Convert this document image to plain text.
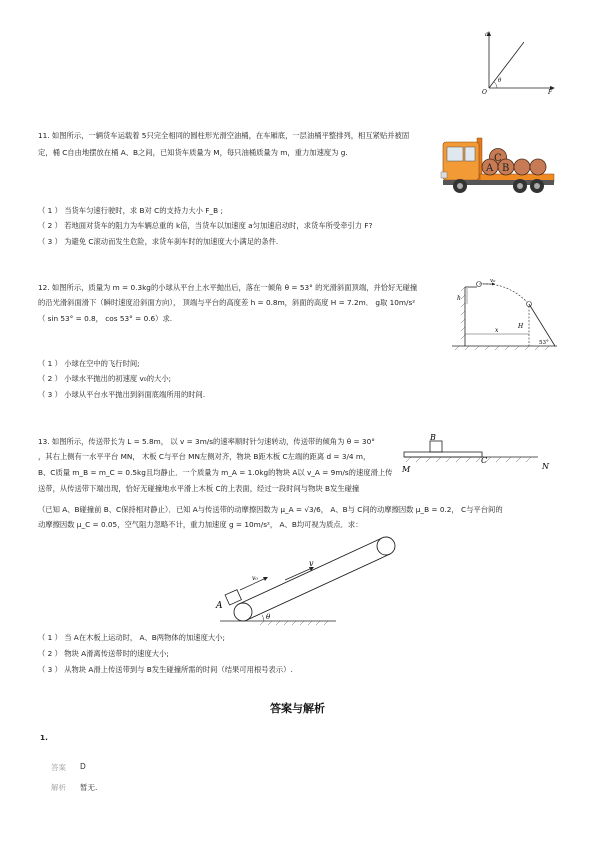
a
F
O
θ
11. 如图所示，一辆货车运载着 5只完全相同的圆柱形光滑空油桶，在车厢底，一层油桶平整排列，相互紧贴并被固
定，桶 C自由地摆放在桶 A、B之间，已知货车质量为 M，每只油桶质量为 m，重力加速度为 g.
C
A B
（ 1 ） 当货车匀速行驶时，求 B对 C的支持力大小 F_B ;
（ 2 ） 若地面对货车的阻力为车辆总重的 k倍，当货车以加速度 a匀加速启动时，求货车所受牵引力 F?
（ 3 ） 为避免 C滚动而发生危险，求货车刹车时的加速度大小满足的条件.
12. 如图所示，质量为 m = 0.3kg的小球从平台上水平抛出后，落在一倾角 θ = 53° 的光滑斜面顶端，并恰好无碰撞
的沿光滑斜面滑下（瞬时速度沿斜面方向）， 顶端与平台的高度差 h = 0.8m，斜面的高度 H = 7.2m． g取 10m/s²
（ sin 53° = 0.8， cos 53° = 0.6）求.
v₀
h
x
H
53°
（ 1 ） 小球在空中的飞行时间;
（ 2 ） 小球水平抛出的初速度 v₀的大小;
（ 3 ） 小球从平台水平抛出到斜面底端所用的时间.
13. 如图所示，传送带长为 L = 5.8m， 以 v = 3m/s的速率顺时针匀速转动，传送带的倾角为 θ = 30°
，其右上侧有一水平平台 MN， 木板 C与平台 MN左侧对齐，物块 B距木板 C左端的距离 d = 3/4 m，
B、C质量 m_B = m_C = 0.5kg且均静止．一个质量为 m_A = 1.0kg的物块 A以 v_A = 9m/s的速度滑上传
送带，从传送带下端出现，恰好无碰撞地水平滑上木板 C的上表面，经过一段时间与物块 B发生碰撞
（已知 A、B碰撞前 B、C保持相对静止）．已知 A与传送带的动摩擦因数为 μ_A = √3/6， A、B与 C间的动摩擦因数 μ_B = 0.2， C与平台间的
动摩擦因数 μ_C = 0.05，空气阻力忽略不计，重力加速度 g = 10m/s²， A、B均可视为质点．求：
B
C
M	N
A
v₀
v
θ
（ 1 ） 当 A在木板上运动时， A、B两物体的加速度大小;
（ 2 ） 物块 A滑离传送带时的速度大小;
（ 3 ） 从物块 A滑上传送带到与 B发生碰撞所需的时间（结果可用根号表示）.
答案与解析
1.
答案 D
解析 暂无.
